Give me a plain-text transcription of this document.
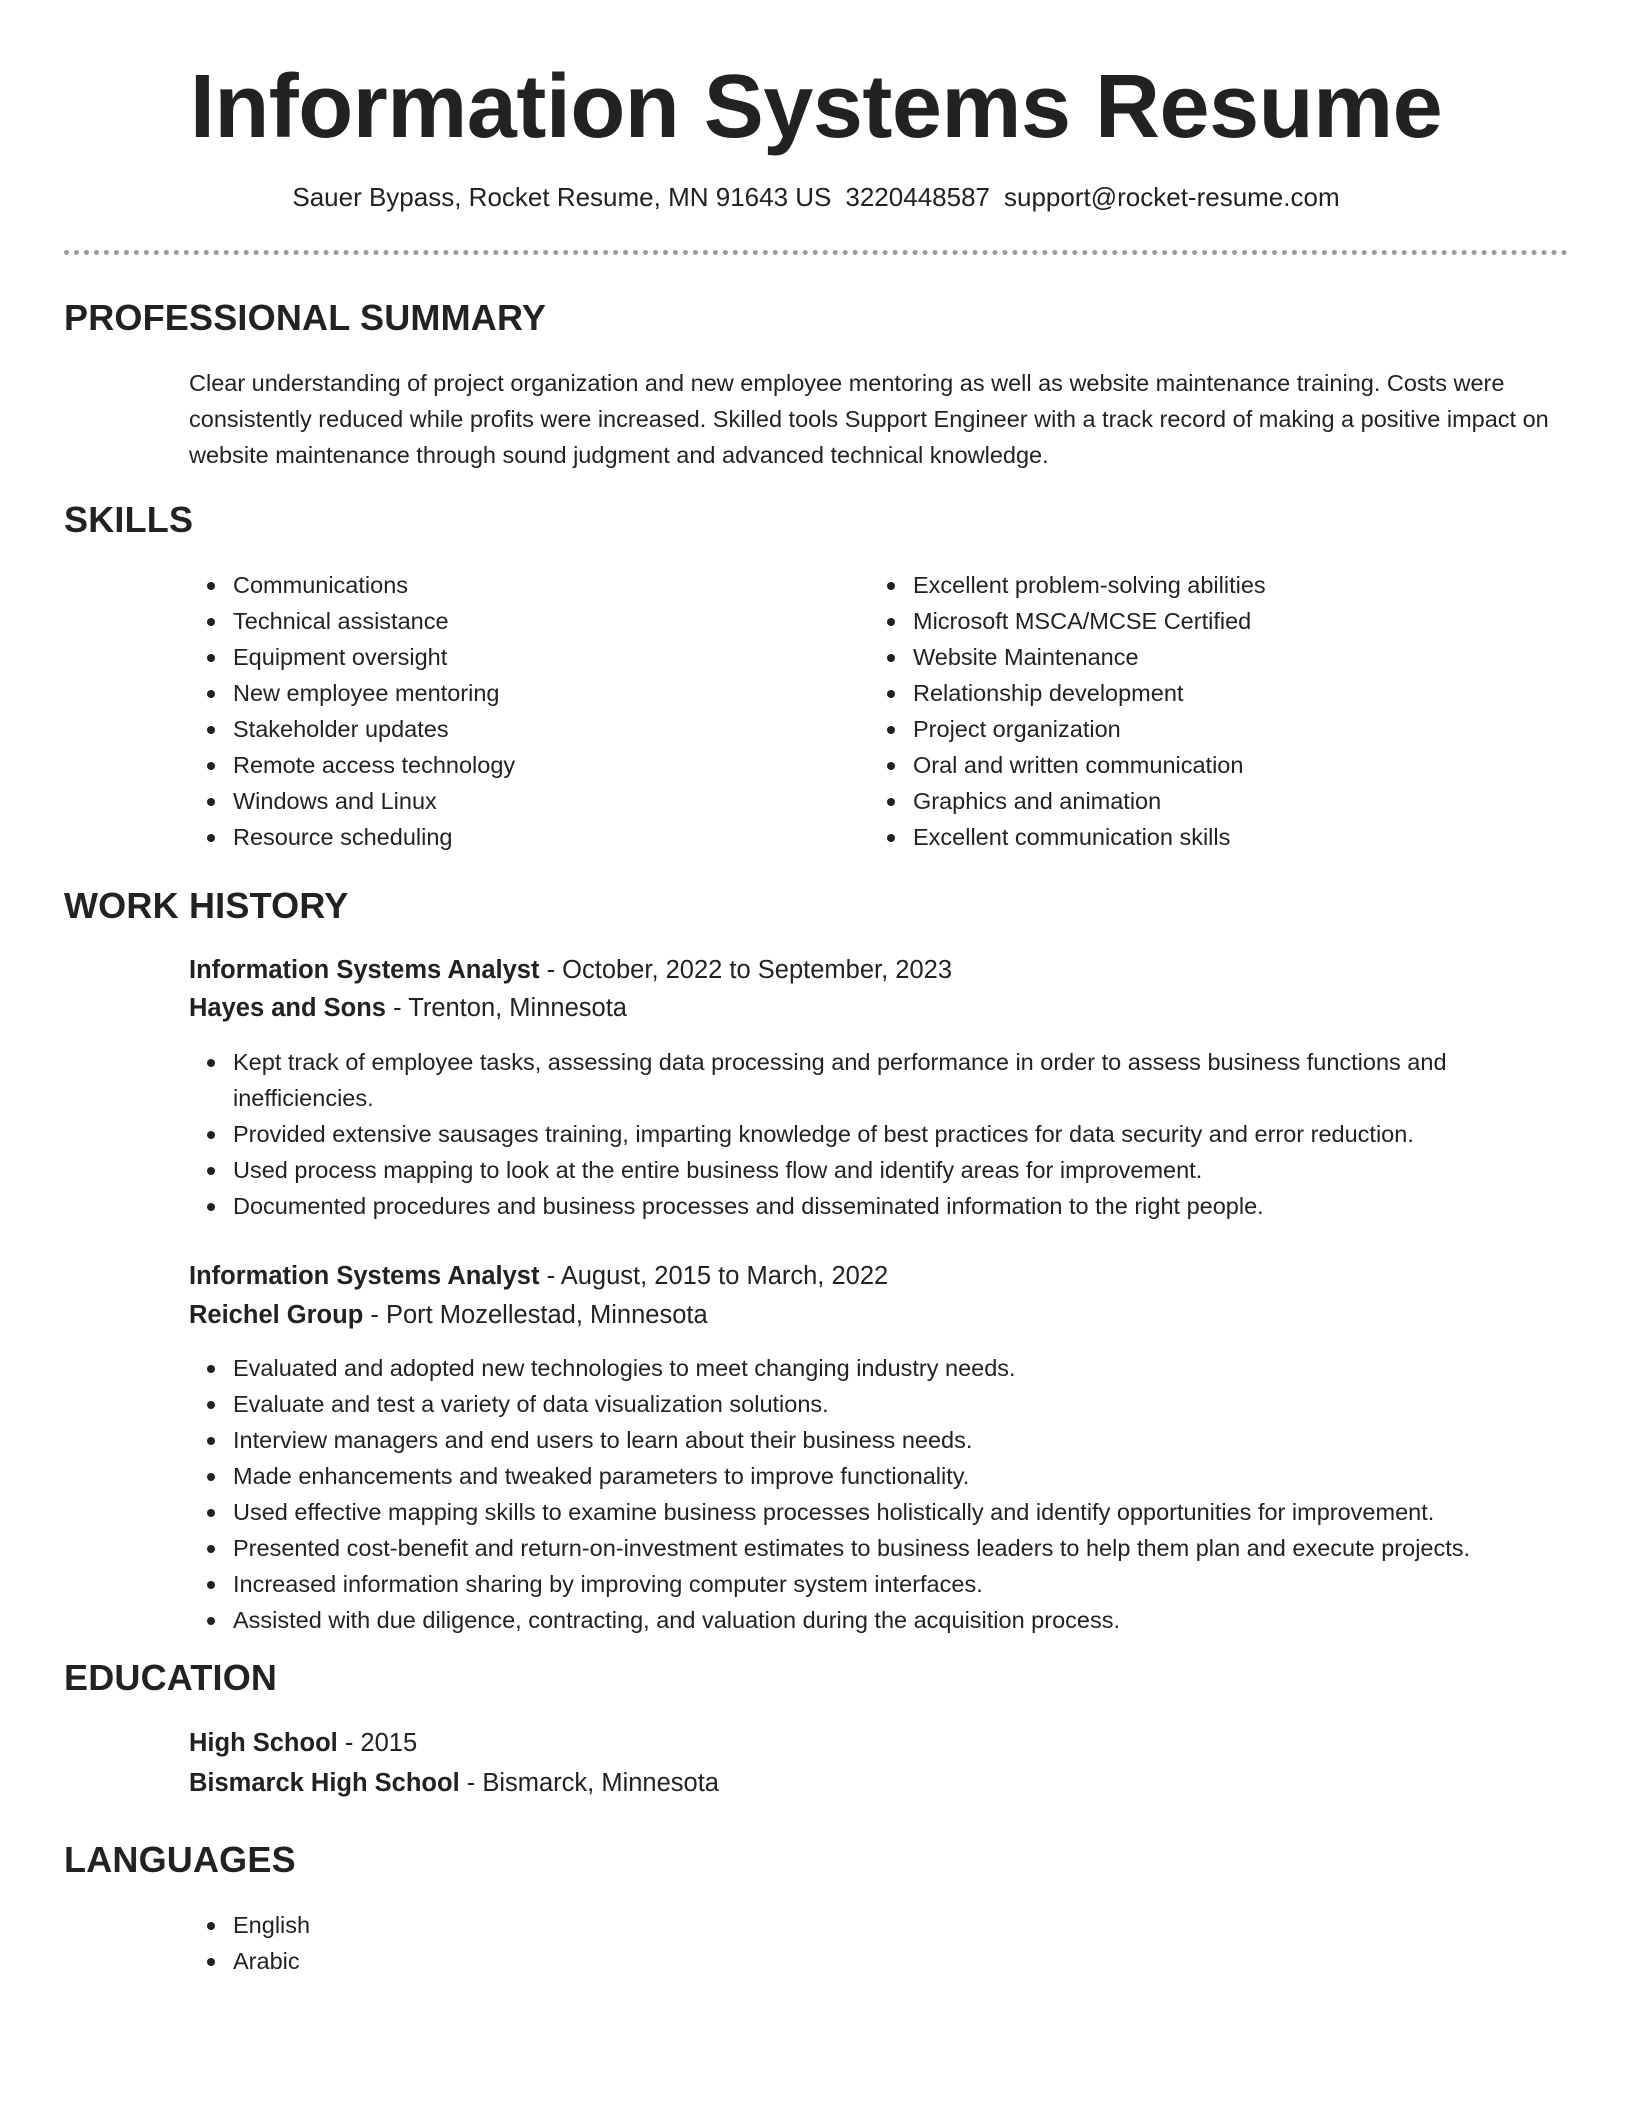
Information Systems Resume
Sauer Bypass, Rocket Resume, MN 91643 US 3220448587 support@rocket-resume.com
PROFESSIONAL SUMMARY

Clear understanding of project organization and new employee mentoring as well as website maintenance training. Costs were consistently reduced while profits were increased. Skilled tools Support Engineer with a track record of making a positive impact on website maintenance through sound judgment and advanced technical knowledge.

SKILLS
Communications
Technical assistance
Equipment oversight
New employee mentoring
Stakeholder updates
Remote access technology
Windows and Linux
Resource scheduling
Excellent problem-solving abilities
Microsoft MSCA/MCSE Certified
Website Maintenance
Relationship development
Project organization
Oral and written communication
Graphics and animation
Excellent communication skills
WORK HISTORY
Information Systems Analyst - October, 2022 to September, 2023
Hayes and Sons - Trenton, Minnesota
Kept track of employee tasks, assessing data processing and performance in order to assess business functions and inefficiencies.
Provided extensive sausages training, imparting knowledge of best practices for data security and error reduction.
Used process mapping to look at the entire business flow and identify areas for improvement.
Documented procedures and business processes and disseminated information to the right people.
Information Systems Analyst - August, 2015 to March, 2022
Reichel Group - Port Mozellestad, Minnesota
Evaluated and adopted new technologies to meet changing industry needs.
Evaluate and test a variety of data visualization solutions.
Interview managers and end users to learn about their business needs.
Made enhancements and tweaked parameters to improve functionality.
Used effective mapping skills to examine business processes holistically and identify opportunities for improvement.
Presented cost-benefit and return-on-investment estimates to business leaders to help them plan and execute projects.
Increased information sharing by improving computer system interfaces.
Assisted with due diligence, contracting, and valuation during the acquisition process.
EDUCATION
High School - 2015
Bismarck High School - Bismarck, Minnesota
LANGUAGES
English
Arabic
